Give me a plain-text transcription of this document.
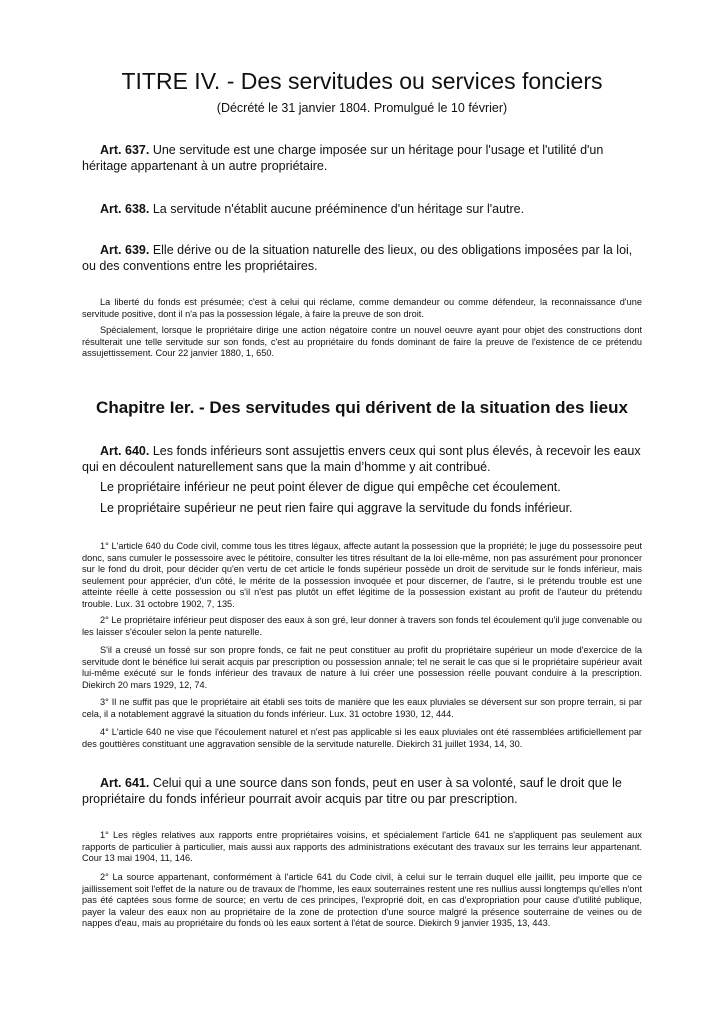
TITRE IV. - Des servitudes ou services fonciers
(Décrété le 31 janvier 1804. Promulgué le 10 février)

Art. 637. Une servitude est une charge imposée sur un héritage pour l'usage et l'utilité d'un héritage appartenant à un autre propriétaire.

Art. 638. La servitude n'établit aucune prééminence d'un héritage sur l'autre.

Art. 639. Elle dérive ou de la situation naturelle des lieux, ou des obligations imposées par la loi, ou des conventions entre les propriétaires.

La liberté du fonds est présumée; c'est à celui qui réclame, comme demandeur ou comme défendeur, la reconnaissance d'une servitude positive, dont il n'a pas la possession légale, à faire la preuve de son droit.

Spécialement, lorsque le propriétaire dirige une action négatoire contre un nouvel oeuvre ayant pour objet des constructions dont résulterait une telle servitude sur son fonds, c'est au propriétaire du fonds dominant de faire la preuve de l'existence de ce prétendu assujettissement. Cour 22 janvier 1880, 1, 650.

Chapitre Ier. - Des servitudes qui dérivent de la situation des lieux

Art. 640. Les fonds inférieurs sont assujettis envers ceux qui sont plus élevés, à recevoir les eaux qui en découlent naturellement sans que la main d’homme y ait contribué.

Le propriétaire inférieur ne peut point élever de digue qui empêche cet écoulement.

Le propriétaire supérieur ne peut rien faire qui aggrave la servitude du fonds inférieur.

1° L'article 640 du Code civil, comme tous les titres légaux, affecte autant la possession que la propriété; le juge du possessoire peut donc, sans cumuler le possessoire avec le pétitoire, consulter les titres résultant de la loi elle-même, non pas assurément pour prononcer sur le fond du droit, pour décider qu'en vertu de cet article le fonds supérieur possède un droit de servitude sur le fonds inférieur, mais seulement pour apprécier, d'un côté, le mérite de la possession invoquée et pour discerner, de l'autre, si le prétendu trouble est une atteinte réelle à cette possession ou s'il n'est pas plutôt un effet légitime de la possession existant au profit de l'auteur du prétendu trouble. Lux. 31 octobre 1902, 7, 135.

2° Le propriétaire inférieur peut disposer des eaux à son gré, leur donner à travers son fonds tel écoulement qu'il juge convenable ou les laisser s'écouler selon la pente naturelle.

S'il a creusé un fossé sur son propre fonds, ce fait ne peut constituer au profit du propriétaire supérieur un mode d'exercice de la servitude dont le bénéfice lui serait acquis par prescription ou possession annale; tel ne serait le cas que si le propriétaire supérieur avait lui-même exécuté sur le fonds inférieur des travaux de nature à lui créer une possession réelle pouvant conduire à la prescription. Diekirch 20 mars 1929, 12, 74.

3° Il ne suffit pas que le propriétaire ait établi ses toits de manière que les eaux pluviales se déversent sur son propre terrain, si par cela, il a notablement aggravé la situation du fonds inférieur. Lux. 31 octobre 1930, 12, 444.

4° L'article 640 ne vise que l'écoulement naturel et n'est pas applicable si les eaux pluviales ont été rassemblées artificiellement par des gouttières constituant une aggravation sensible de la servitude naturelle. Diekirch 31 juillet 1934, 14, 30.

Art. 641. Celui qui a une source dans son fonds, peut en user à sa volonté, sauf le droit que le propriétaire du fonds inférieur pourrait avoir acquis par titre ou par prescription.

1° Les règles relatives aux rapports entre propriétaires voisins, et spécialement l'article 641 ne s'appliquent pas seulement aux rapports de particulier à particulier, mais aussi aux rapports des administrations exécutant des travaux sur les terrains leur appartenant. Cour 13 mai 1904, 11, 146.

2° La source appartenant, conformément à l'article 641 du Code civil, à celui sur le terrain duquel elle jaillit, peu importe que ce jaillissement soit l'effet de la nature ou de travaux de l'homme, les eaux souterraines restent une res nullius aussi longtemps qu'elles n'ont pas été captées sous forme de source; en vertu de ces principes, l'exproprié doit, en cas d'expropriation pour cause d'utilité publique, payer la valeur des eaux non au propriétaire de la zone de protection d'une source malgré la présence souterraine de veines ou de nappes d'eau, mais au propriétaire du fonds où les eaux sortent à l'état de source. Diekirch 9 janvier 1935, 13, 443.
